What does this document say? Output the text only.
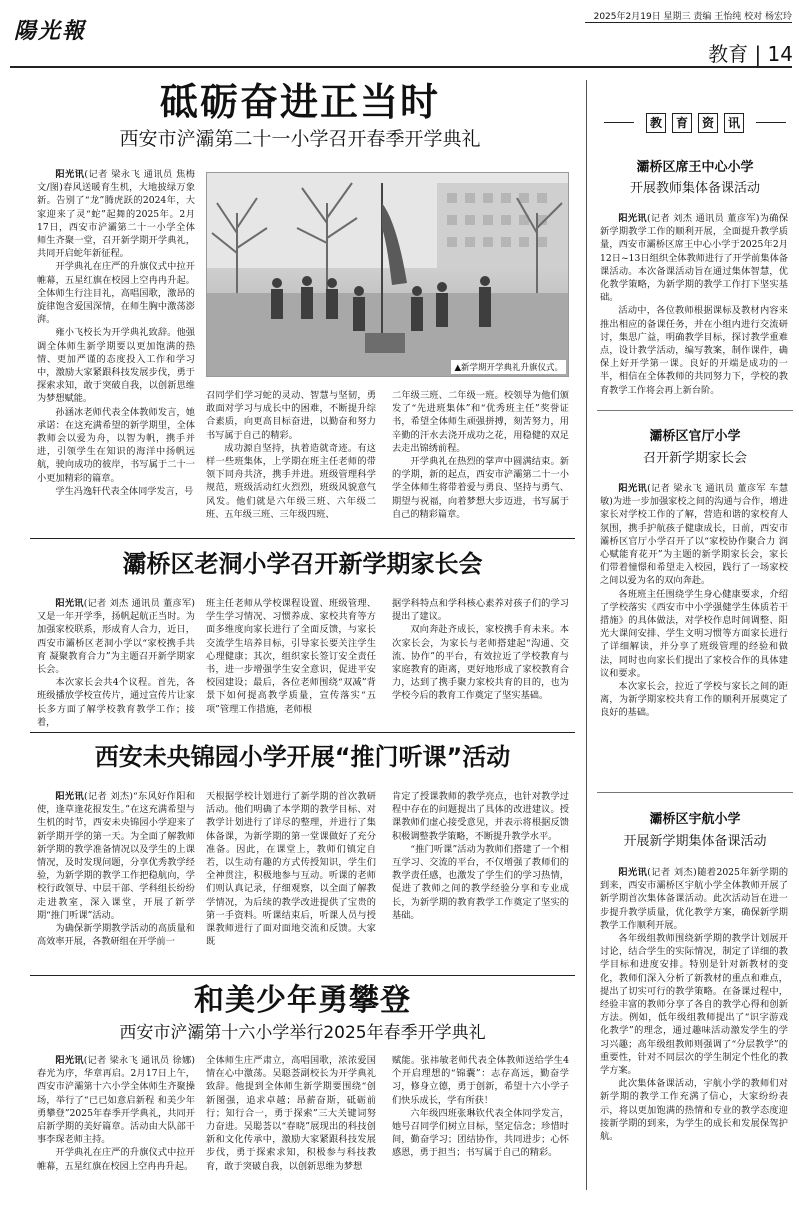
陽光報
2025年2月19日 星期三 责编 王怡纯 校对 杨宏玲
教育 | 14
砥砺奋进正当时
西安市浐灞第二十一小学召开春季开学典礼

阳光讯(记者 梁永飞 通讯员 焦梅文/图)春风送暖育生机，大地披绿万象新。告别了“龙”腾虎跃的2024年，大家迎来了灵“蛇”起舞的2025年。2月17日，西安市浐灞第二十一小学全体师生齐聚一堂，召开新学期开学典礼，共同开启蛇年新征程。

开学典礼在庄严的升旗仪式中拉开帷幕，五星红旗在校园上空冉冉升起。全体师生行注目礼，高唱国歌，激昂的旋律饱含爱国深情，在师生胸中激荡澎湃。

雍小飞校长为开学典礼致辞。他强调全体师生新学期要以更加饱满的热情、更加严谨的态度投入工作和学习中，激励大家紧跟科技发展步伐，勇于探索求知，敢于突破自我，以创新思维为梦想赋能。

孙涵冰老师代表全体教师发言，她承诺：在这充满希望的新学期里，全体教师会以爱为舟，以智为帆，携手并进，引领学生在知识的海洋中扬帆远航，驶向成功的彼岸，书写属于二十一小更加精彩的篇章。

学生冯逸轩代表全体同学发言，号

▲新学期开学典礼升旗仪式。

召同学们学习蛇的灵动、智慧与坚韧，勇敢面对学习与成长中的困难，不断提升综合素质，向更高目标奋进，以勤奋和努力书写属于自己的精彩。

成功源自坚持，执着造就奇迹。有这样一些班集体，上学期在班主任老师的带领下同舟共济，携手并进。班级管理科学规范，班级活动红火烈烈，班级风貌意气风发。他们就是六年级三班、六年级二班、五年级三班、三年级四班、

二年级三班、二年级一班。校领导为他们颁发了“先进班集体”和“优秀班主任”奖誉证书，希望全体师生顽强拼搏，刻苦努力，用辛勤的汗水去浇开成功之花，用稳健的双足去走出锦绣前程。

开学典礼在热烈的掌声中圆满结束。新的学期，新的起点，西安市浐灞第二十一小学全体师生将带着爱与勇良、坚持与勇气、期望与祝福，向着梦想大步迈进，书写属于自己的精彩篇章。

灞桥区老洞小学召开新学期家长会

阳光讯(记者 刘杰 通讯员 董彦军)又是一年开学季，扬帆起航正当时。为加强家校联系，形成育人合力，近日，西安市灞桥区老洞小学以“家校携手共育 凝聚教育合力”为主题召开新学期家长会。

本次家长会共4个议程。首先，各班级播放学校宣传片，通过宣传片让家长多方面了解学校教育教学工作；接着，

班主任老师从学校课程设置、班级管理、学生学习情况、习惯养成、家校共育等方面多维度向家长进行了全面反馈，与家长交流学生培养目标，引导家长要关注学生心理健康；其次，组织家长签订安全责任书，进一步增强学生安全意识，促进平安校园建设；最后，各位老师围绕“双减”背景下如何提高教学质量，宣传落实“五项”管理工作措施，老师根

据学科特点和学科核心素养对孩子们的学习提出了建议。

双向奔赴齐成长，家校携手育未来。本次家长会，为家长与老师搭建起“沟通、交流、协作”的平台，有效拉近了学校教育与家庭教育的距离，更好地形成了家校教育合力，达到了携手聚力家校共育的目的，也为学校今后的教育工作奠定了坚实基础。

西安未央锦园小学开展“推门听课”活动

阳光讯(记者 刘杰)“东风好作阳和使，逢草逢花报发生。”在这充满希望与生机的时节，西安未央锦园小学迎来了新学期开学的第一天。为全面了解教师新学期的教学准备情况以及学生的上课情况，及时发现问题，分享优秀教学经验，为新学期的教学工作把稳航向，学校行政领导、中层干部、学科组长纷纷走进教室，深入课堂，开展了新学期“推门听课”活动。

为确保新学期教学活动的高质量和高效率开展，各教研组在开学前一

天根据学校计划进行了新学期的首次教研活动。他们明确了本学期的教学目标、对教学计划进行了详尽的整理，并进行了集体备课，为新学期的第一堂课做好了充分准备。因此，在课堂上，教师们镇定自若，以生动有趣的方式传授知识，学生们全神贯注，积极地参与互动。听课的老师们则认真记录，仔细观察，以全面了解教学情况，为后续的教学改进提供了宝贵的第一手资料。听课结束后，听课人员与授课教师进行了面对面地交流和反馈。大家既

肯定了授课教师的教学亮点，也针对教学过程中存在的问题提出了具体的改进建议。授课教师们虚心接受意见，并表示将根据反馈积极调整教学策略，不断提升教学水平。

“推门听课”活动为教师们搭建了一个相互学习、交流的平台，不仅增强了教师们的教学责任感，也激发了学生们的学习热情，促进了教师之间的教学经验分享和专业成长，为新学期的教育教学工作奠定了坚实的基础。

和美少年勇攀登
西安市浐灞第十六小学举行2025年春季开学典礼

阳光讯(记者 梁永飞 通讯员 徐娜)春光为序，华章再启。2月17日上午，西安市浐灞第十六小学全体师生齐聚操场，举行了“已已如意启新程 和美少年勇攀登”2025年春季开学典礼，共同开启新学期的美好篇章。活动由大队部干事李琛老师主持。

开学典礼在庄严的升旗仪式中拉开帷幕，五星红旗在校园上空冉冉升起。

全体师生庄严肃立，高唱国歌，浓浓爱国情在心中激荡。吴聪荟副校长为开学典礼致辞。他提到全体师生新学期要围绕“创新图强，追求卓越；昂薪奋斯，砥砺前行；知行合一，勇于探索”三大关键词努力奋进。吴聪荟以“春晓”展现出的科技创新和文化传承中，激励大家紧跟科技发展步伐，勇于探索求知，积极参与科技教育，敢于突破自我，以创新思维为梦想

赋能。张祎敏老师代表全体教师送给学生4个开启理想的“锦囊”：志存高远，勤奋学习，修身立德，勇于创新，希望十六小学子们快乐成长，学有所获！

六年级四班张琳钦代表全体同学发言，她号召同学们树立目标，坚定信念；珍惜时间，勤奋学习；团结协作，共同进步；心怀感恩，勇于担当；书写属于自己的精彩。

教 育 资 讯
灞桥区席王中心小学
开展教师集体备课活动

阳光讯(记者 刘杰 通讯员 董彦军)为确保新学期教学工作的顺利开展，全面提升教学质量，西安市灞桥区席王中心小学于2025年2月12日~13日组织全体教师进行了开学前集体备课活动。本次备课活动旨在通过集体智慧，优化教学策略，为新学期的教学工作打下坚实基础。

活动中，各位教师根据课标及教材内容来推出相应的备课任务，并在小组内进行交流研讨，集思广益，明确教学目标，探讨教学重难点，设计教学活动，编写教案，制作课件，确保上好开学第一课。良好的开端是成功的一半，相信在全体教师的共同努力下，学校的教育教学工作将会再上新台阶。

灞桥区官厅小学
召开新学期家长会

阳光讯(记者 梁永飞 通讯员 董彦军 车慧敏)为进一步加强家校之间的沟通与合作，增进家长对学校工作的了解，营造和谐的家校育人氛围，携手护航孩子健康成长，日前，西安市灞桥区官厅小学召开了以“家校协作聚合力 润心赋能育花开”为主题的新学期家长会，家长们带着憧憬和希望走入校园，践行了一场家校之间以爱为名的双向奔赴。

各班班主任围绕学生身心健康要求，介绍了学校落实《西安市中小学强健学生体质若干措施》的具体做法，对学校作息时间调整、阳光大课间安排、学生文明习惯等方面家长进行了详细解读，并分享了班级管理的经验和做法，同时也向家长们提出了家校合作的具体建议和要求。

本次家长会，拉近了学校与家长之间的距离，为新学期家校共育工作的顺利开展奠定了良好的基础。

灞桥区宇航小学
开展新学期集体备课活动

阳光讯(记者 刘杰)随着2025年新学期的到来，西安市灞桥区宇航小学全体教师开展了新学期首次集体备课活动。此次活动旨在进一步提升教学质量，优化教学方案，确保新学期教学工作顺利开展。

各年级组教师围绕新学期的教学计划展开讨论，结合学生的实际情况，制定了详细的教学目标和进度安排。特别是针对新教材的变化，教师们深入分析了新教材的重点和难点，提出了切实可行的教学策略。在备课过程中，经验丰富的教师分享了各自的教学心得和创新方法。例如，低年级组教师提出了“识字游戏化教学”的理念，通过趣味活动激发学生的学习兴趣；高年级组教师则强调了“分层教学”的重要性，针对不同层次的学生制定个性化的教学方案。

此次集体备课活动，宇航小学的教师们对新学期的教学工作充满了信心，大家纷纷表示，将以更加饱满的热情和专业的教学态度迎接新学期的到来，为学生的成长和发展保驾护航。
